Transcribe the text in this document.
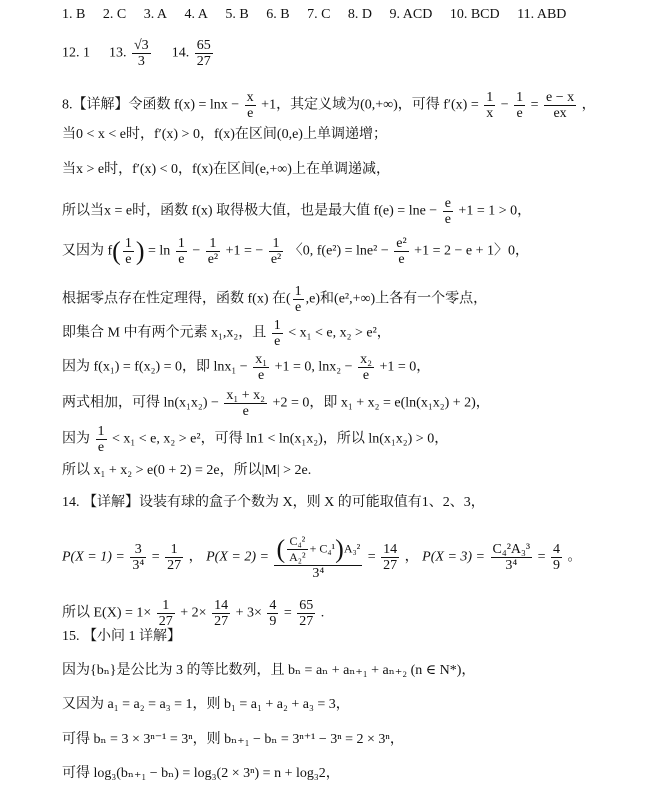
1. B 2. C 3. A 4. A 5. B 6. B 7. C 8. D 9. ACD 10. BCD 11. ABD
12. 1 13. $\frac{√3}{3} 14$. $\frac{65}{27}$
8.【详解】令函数 $f(x) = \ln x - \frac{x}{e} +1$，其定义域为(0,+∞)，可得 $f'(x) = \frac{1}{x} - \frac{1}{e} = \frac{e - x}{ex}$ ，
当0 < x < e时，f′(x) > 0，f(x)在区间(0,e)上单调递增；
当x > e时，f′(x) < 0，f(x)在区间(e,+∞)上在单调递减，
所以当x = e时，函数 f(x) 取得极大值，也是最大值 $f(e) = \ln e - \frac{e}{e} +1 = 1 > 0$，
又因为 $f( \frac{1}{e}$ ) = $\ln \frac{1}{e} - \frac{1}{\text{e²}} +1$ = − $\frac{1}{\text{e²}}$ 〈0, $f(e^2) = \ln e^2 - \frac{\text{e²}}{e} +1 = 2 - e + 1$〉0，
根据零点存在性定理得，函数 f(x) 在( $\frac{1}{e} ,e$)和(e²,+∞)上各有一个零点，
即集合 M 中有两个元素 x₁,x₂，且 $\frac{1}{e} < x_1 < e$, x₂ > e²，
因为 f(x₁) = f(x₂) = 0，即 $\ln x_1 - \frac{\text{x₁}}{e} +1 = 0$, $\ln x_2 - \frac{\text{x₂}}{e} +1 = 0$，
两式相加，可得 $\ln(x_1x_2) - \frac{\text{x₁ + x₂}}{e} +2 = 0$，即 x₁ + x₂ = e(ln(x₁x₂) + 2)，
因为 $\frac{1}{e} < x_1 < e$, x₂ > e²，可得 ln1 < ln(x₁x₂)，所以 ln(x₁x₂) > 0，
所以 x₁ + x₂ > e(0 + 2) = 2e，所以|M| > 2e.
14. 【详解】设装有球的盒子个数为 X，则 X 的可能取值有1、2、3，
$P(X = 1) = \frac{3}{\text{3⁴}} = \frac{1}{27}$ ， $P(X = 2) = \frac{( \frac{\text{C₄²}}{\text{A₂²}} + C_4^1)A_3^2}{\text{3⁴}} = \frac{14}{27}$ ， $P(X = 3) = \frac{\text{C₄²A₃³}}{\text{3⁴}} = \frac{4}{9}$ 。
所以 $E(X) = 1\times \frac{1}{27} + 2\times \frac{14}{27} + 3\times \frac{4}{9} = \frac{65}{27}$ .
15. 【小问 1 详解】
因为{bₙ}是公比为 3 的等比数列，且 bₙ = aₙ + aₙ₊₁ + aₙ₊₂ (n ∈ N*)，
又因为 a₁ = a₂ = a₃ = 1，则 b₁ = a₁ + a₂ + a₃ = 3，
可得 bₙ = 3 × 3ⁿ⁻¹ = 3ⁿ，则 bₙ₊₁ − bₙ = 3ⁿ⁺¹ − 3ⁿ = 2 × 3ⁿ，
可得 log₃(bₙ₊₁ − bₙ) = log₃(2 × 3ⁿ) = n + log₃2，
